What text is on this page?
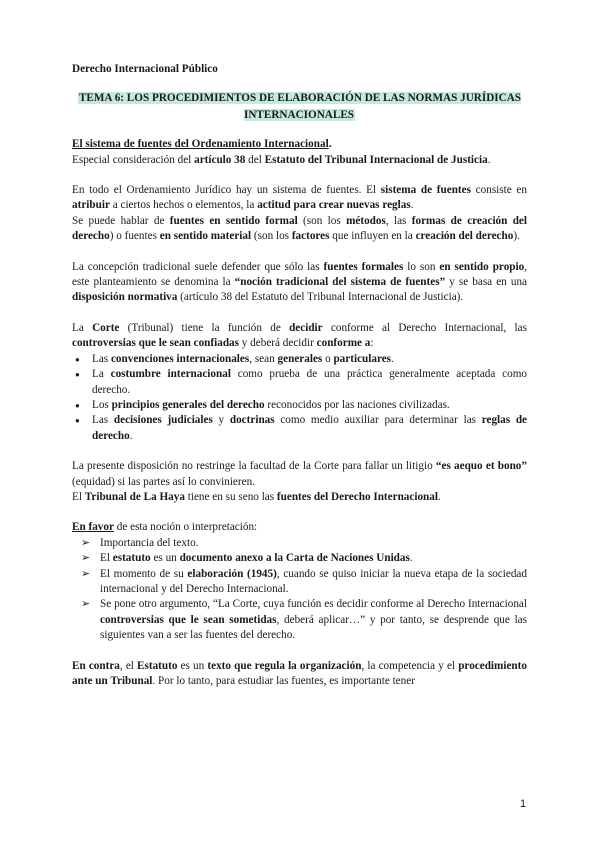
Derecho Internacional Público
TEMA 6: LOS PROCEDIMIENTOS DE ELABORACIÓN DE LAS NORMAS JURÍDICAS INTERNACIONALES

El sistema de fuentes del Ordenamiento Internacional.
Especial consideración del artículo 38 del Estatuto del Tribunal Internacional de Justicia.

En todo el Ordenamiento Jurídico hay un sistema de fuentes. El sistema de fuentes consiste en atribuir a ciertos hechos o elementos, la actitud para crear nuevas reglas.
Se puede hablar de fuentes en sentido formal (son los métodos, las formas de creación del derecho) o fuentes en sentido material (son los factores que influyen en la creación del derecho).

La concepción tradicional suele defender que sólo las fuentes formales lo son en sentido propio, este planteamiento se denomina la “noción tradicional del sistema de fuentes” y se basa en una disposición normativa (artículo 38 del Estatuto del Tribunal Internacional de Justicia).

La Corte (Tribunal) tiene la función de decidir conforme al Derecho Internacional, las controversias que le sean confiadas y deberá decidir conforme a:

● Las convenciones internacionales, sean generales o particulares.
● La costumbre internacional como prueba de una práctica generalmente aceptada como derecho.
● Los principios generales del derecho reconocidos por las naciones civilizadas.
● Las decisiones judiciales y doctrinas como medio auxiliar para determinar las reglas de derecho.

La presente disposición no restringe la facultad de la Corte para fallar un litigio “es aequo et bono” (equidad) si las partes así lo convinieren.
El Tribunal de La Haya tiene en su seno las fuentes del Derecho Internacional.

En favor de esta noción o interpretación:

➢ Importancia del texto.
➢ El estatuto es un documento anexo a la Carta de Naciones Unidas.
➢ El momento de su elaboración (1945), cuando se quiso iniciar la nueva etapa de la sociedad internacional y del Derecho Internacional.
➢ Se pone otro argumento, “La Corte, cuya función es decidir conforme al Derecho Internacional controversias que le sean sometidas, deberá aplicar…” y por tanto, se desprende que las siguientes van a ser las fuentes del derecho.

En contra, el Estatuto es un texto que regula la organización, la competencia y el procedimiento ante un Tribunal. Por lo tanto, para estudiar las fuentes, es importante tener

1
